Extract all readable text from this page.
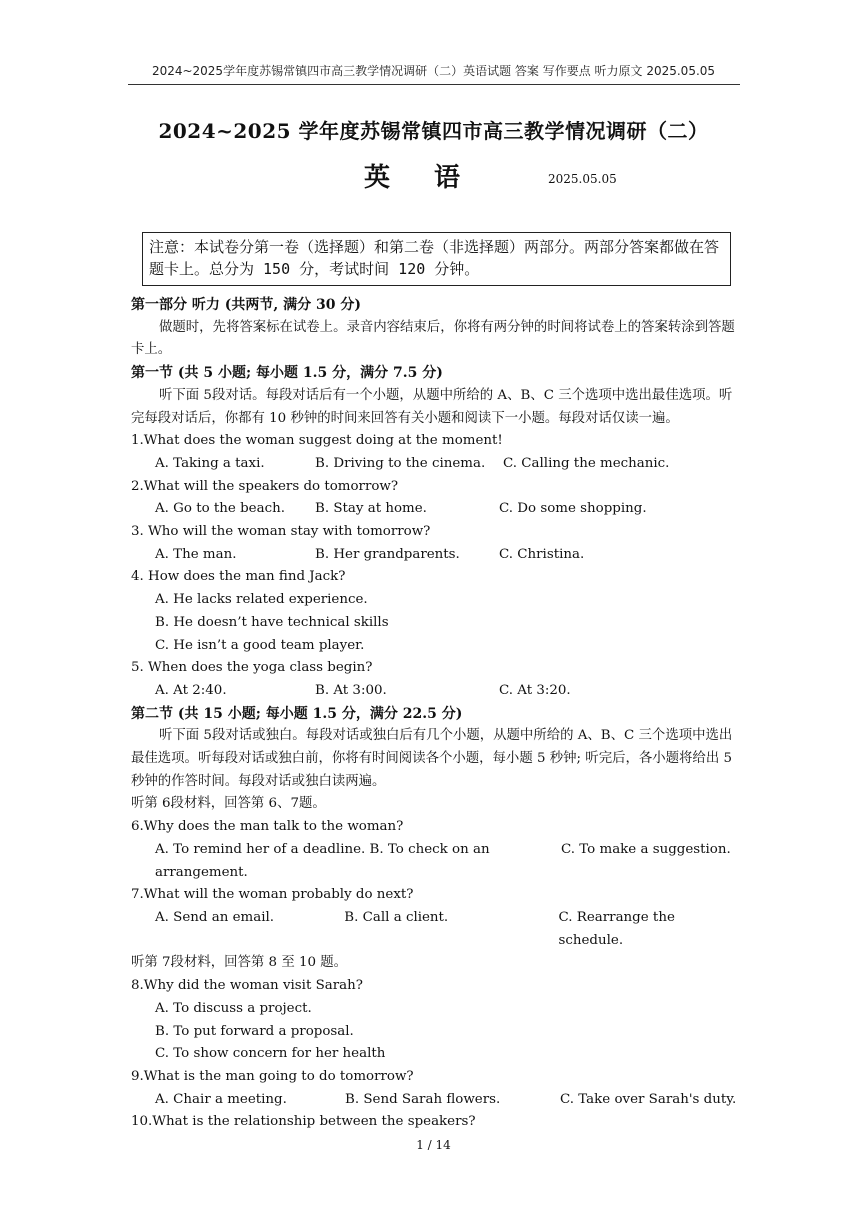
2024~2025学年度苏锡常镇四市高三教学情况调研（二）英语试题 答案 写作要点 听力原文 2025.05.05
2024~2025 学年度苏锡常镇四市高三教学情况调研（二）
英语	2025.05.05
注意：本试卷分第一卷（选择题）和第二卷（非选择题）两部分。两部分答案都做在答题卡上。总分为 150 分，考试时间 120 分钟。

第一部分 听力 (共两节, 满分 30 分)

做题时，先将答案标在试卷上。录音内容结束后，你将有两分钟的时间将试卷上的答案转涂到答题卡上。

第一节 (共 5 小题; 每小题 1.5 分，满分 7.5 分)

听下面 5段对话。每段对话后有一个小题，从题中所给的 A、B、C 三个选项中选出最佳选项。听完每段对话后，你都有 10 秒钟的时间来回答有关小题和阅读下一小题。每段对话仅读一遍。

1.What does the woman suggest doing at the moment!

A. Taking a taxi.	B. Driving to the cinema.	C. Calling the mechanic.

2.What will the speakers do tomorrow?

A. Go to the beach.	B. Stay at home.	C. Do some shopping.

3. Who will the woman stay with tomorrow?

A. The man.	B. Her grandparents.	C. Christina.

4. How does the man find Jack?

A. He lacks related experience.

B. He doesn’t have technical skills

C. He isn’t a good team player.

5. When does the yoga class begin?

A. At 2:40.	B. At 3:00.	C. At 3:20.

第二节 (共 15 小题; 每小题 1.5 分，满分 22.5 分)

听下面 5段对话或独白。每段对话或独白后有几个小题，从题中所给的 A、B、C 三个选项中选出最佳选项。听每段对话或独白前，你将有时间阅读各个小题，每小题 5 秒钟; 听完后，各小题将给出 5 秒钟的作答时间。每段对话或独白读两遍。

听第 6段材料，回答第 6、7题。

6.Why does the man talk to the woman?

A. To remind her of a deadline. B. To check on an arrangement.
C. To make a suggestion.

7.What will the woman probably do next?

A. Send an email.	B. Call a client.	C. Rearrange the schedule.

听第 7段材料，回答第 8 至 10 题。

8.Why did the woman visit Sarah?

A. To discuss a project.

B. To put forward a proposal.

C. To show concern for her health

9.What is the man going to do tomorrow?

A. Chair a meeting.	B. Send Sarah flowers.	C. Take over Sarah's duty.

10.What is the relationship between the speakers?

1 / 14
